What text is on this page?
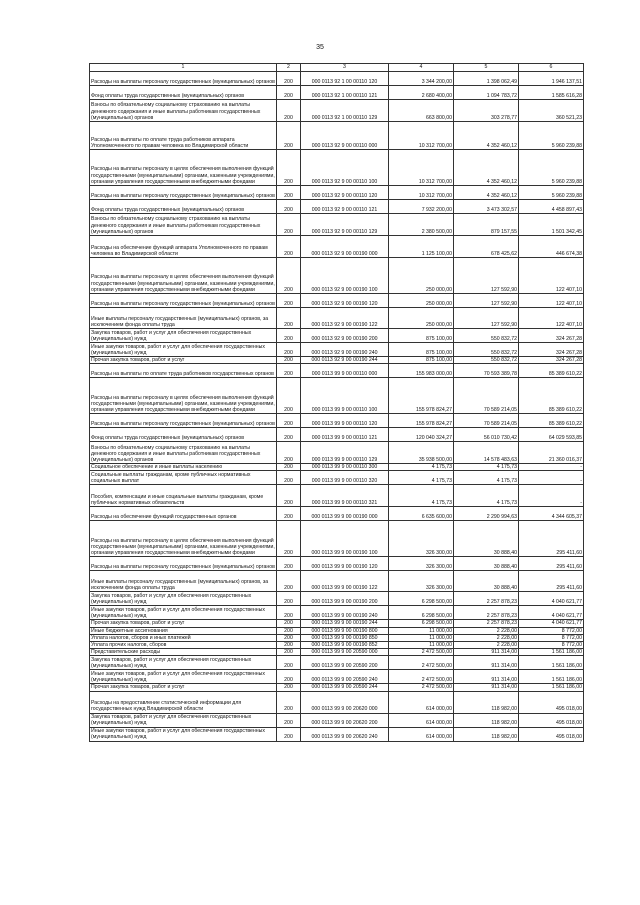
35
1	2	3	4	5	6
Расходы на выплаты персоналу государственных (муниципальных) органов	200	000 0113 92 1 00 00110 120	3 344 200,00	1 398 062,49	1 946 137,51
Фонд оплаты труда государственных (муниципальных) органов	200	000 0113 92 1 00 00110 121	2 680 400,00	1 094 783,72	1 585 616,28
Взносы по обязательному социальному страхованию на выплаты денежного содержания и иные выплаты работникам государственных (муниципальных) органов	200	000 0113 92 1 00 00110 129	663 800,00	303 278,77	360 521,23
Расходы на выплаты по оплате труда работников аппарата Уполномоченного по правам человека во Владимирской области	200	000 0113 92 9 00 00110 000	10 312 700,00	4 352 460,12	5 960 239,88
Расходы на выплаты персоналу в целях обеспечения выполнения функций государственными (муниципальными) органами, казенными учреждениями, органами управления государственными внебюджетными фондами	200	000 0113 92 9 00 00110 100	10 312 700,00	4 352 460,12	5 960 239,88
Расходы на выплаты персоналу государственных (муниципальных) органов	200	000 0113 92 9 00 00110 120	10 312 700,00	4 352 460,12	5 960 239,88
Фонд оплаты труда государственных (муниципальных) органов	200	000 0113 92 9 00 00110 121	7 932 200,00	3 473 302,57	4 458 897,43
Взносы по обязательному социальному страхованию на выплаты денежного содержания и иные выплаты работникам государственных (муниципальных) органов	200	000 0113 92 9 00 00110 129	2 380 500,00	879 157,55	1 501 342,45
Расходы на обеспечение функций аппарата Уполномоченного по правам человека во Владимирской области	200	000 0113 92 9 00 00190 000	1 125 100,00	678 425,62	446 674,38
Расходы на выплаты персоналу в целях обеспечения выполнения функций государственными (муниципальными) органами, казенными учреждениями, органами управления государственными внебюджетными фондами	200	000 0113 92 9 00 00190 100	250 000,00	127 592,90	122 407,10
Расходы на выплаты персоналу государственных (муниципальных) органов	200	000 0113 92 9 00 00190 120	250 000,00	127 592,90	122 407,10
Иные выплаты персоналу государственных (муниципальных) органов, за исключением фонда оплаты труда	200	000 0113 92 9 00 00190 122	250 000,00	127 592,90	122 407,10
Закупка товаров, работ и услуг для обеспечения государственных (муниципальных) нужд	200	000 0113 92 9 00 00190 200	875 100,00	550 832,72	324 267,28
Иные закупки товаров, работ и услуг для обеспечения государственных (муниципальных) нужд	200	000 0113 92 9 00 00190 240	875 100,00	550 832,72	324 267,28
Прочая закупка товаров, работ и услуг	200	000 0113 92 9 00 00190 244	875 100,00	550 832,72	324 267,28
Расходы на выплаты по оплате труда работников государственных органов	200	000 0113 99 9 00 00110 000	155 983 000,00	70 593 389,78	85 389 610,22
Расходы на выплаты персоналу в целях обеспечения выполнения функций государственными (муниципальными) органами, казенными учреждениями, органами управления государственными внебюджетными фондами	200	000 0113 99 9 00 00110 100	155 978 824,27	70 589 214,05	85 389 610,22
Расходы на выплаты персоналу государственных (муниципальных) органов	200	000 0113 99 9 00 00110 120	155 978 824,27	70 589 214,05	85 389 610,22
Фонд оплаты труда государственных (муниципальных) органов	200	000 0113 99 9 00 00110 121	120 040 324,27	56 010 730,42	64 029 593,85
Взносы по обязательному социальному страхованию на выплаты денежного содержания и иные выплаты работникам государственных (муниципальных) органов	200	000 0113 99 9 00 00110 129	35 938 500,00	14 578 483,63	21 360 016,37
Социальное обеспечение и иные выплаты населению	200	000 0113 99 9 00 00110 300	4 175,73	4 175,73	-
Социальные выплаты гражданам, кроме публичных нормативных социальных выплат	200	000 0113 99 9 00 00110 320	4 175,73	4 175,73	-
Пособия, компенсации и иные социальные выплаты гражданам, кроме публичных нормативных обязательств	200	000 0113 99 9 00 00110 321	4 175,73	4 175,73	-
Расходы на обеспечение функций государственных органов	200	000 0113 99 9 00 00190 000	6 635 600,00	2 290 994,63	4 344 605,37
Расходы на выплаты персоналу в целях обеспечения выполнения функций государственными (муниципальными) органами, казенными учреждениями, органами управления государственными внебюджетными фондами	200	000 0113 99 9 00 00190 100	326 300,00	30 888,40	295 411,60
Расходы на выплаты персоналу государственных (муниципальных) органов	200	000 0113 99 9 00 00190 120	326 300,00	30 888,40	295 411,60
Иные выплаты персоналу государственных (муниципальных) органов, за исключением фонда оплаты труда	200	000 0113 99 9 00 00190 122	326 300,00	30 888,40	295 411,60
Закупка товаров, работ и услуг для обеспечения государственных (муниципальных) нужд	200	000 0113 99 9 00 00190 200	6 298 500,00	2 257 878,23	4 040 621,77
Иные закупки товаров, работ и услуг для обеспечения государственных (муниципальных) нужд	200	000 0113 99 9 00 00190 240	6 298 500,00	2 257 878,23	4 040 621,77
Прочая закупка товаров, работ и услуг	200	000 0113 99 9 00 00190 244	6 298 500,00	2 257 878,23	4 040 621,77
Иные бюджетные ассигнования	200	000 0113 99 9 00 00190 800	11 000,00	2 228,00	8 772,00
Уплата налогов, сборов и иных платежей	200	000 0113 99 9 00 00190 850	11 000,00	2 228,00	8 772,00
Уплата прочих налогов, сборов	200	000 0113 99 9 00 00190 852	11 000,00	2 228,00	8 772,00
Представительские расходы	200	000 0113 99 9 00 20590 000	2 472 500,00	911 314,00	1 561 186,00
Закупка товаров, работ и услуг для обеспечения государственных (муниципальных) нужд	200	000 0113 99 9 00 20590 200	2 472 500,00	911 314,00	1 561 186,00
Иные закупки товаров, работ и услуг для обеспечения государственных (муниципальных) нужд	200	000 0113 99 9 00 20590 240	2 472 500,00	911 314,00	1 561 186,00
Прочая закупка товаров, работ и услуг	200	000 0113 99 9 00 20590 244	2 472 500,00	911 314,00	1 561 186,00
Расходы на предоставление статистической информации для государственных нужд Владимирской области	200	000 0113 99 9 00 20620 000	614 000,00	118 982,00	495 018,00
Закупка товаров, работ и услуг для обеспечения государственных (муниципальных) нужд	200	000 0113 99 9 00 20620 200	614 000,00	118 982,00	495 018,00
Иные закупки товаров, работ и услуг для обеспечения государственных (муниципальных) нужд	200	000 0113 99 9 00 20620 240	614 000,00	118 982,00	495 018,00
